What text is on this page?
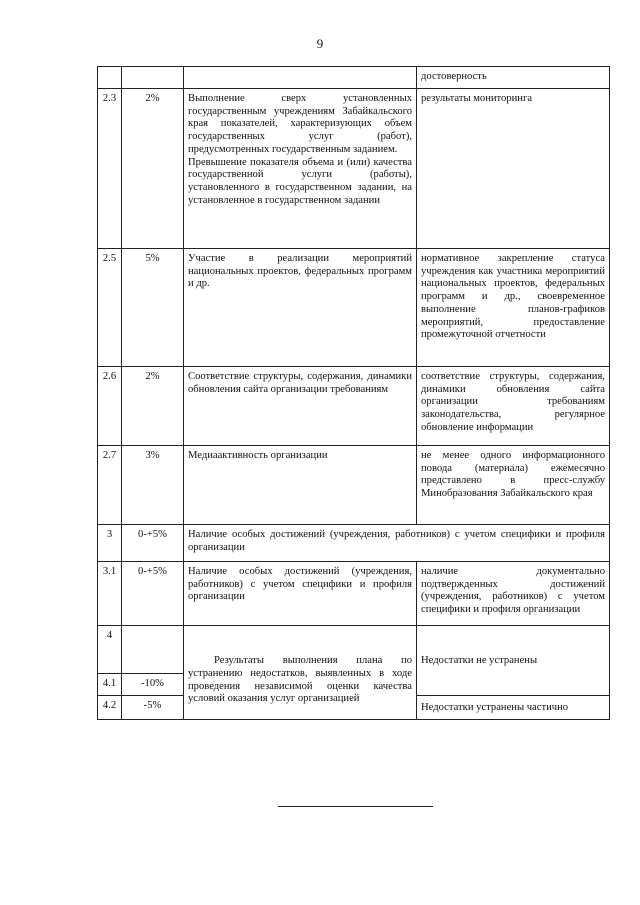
9
			достоверность
2.3	2%	Выполнение сверх установленных государственным учреждениям Забайкальского края показателей, характеризующих объем государственных услуг (работ), предусмотренных государственным заданием.

Превышение показателя объема и (или) качества государственной услуги (работы), установленного в государственном задании, на установленное в государственном задании	результаты мониторинга
2.5	5%	Участие в реализации мероприятий национальных проектов, федеральных программ и др.	нормативное закрепление статуса учреждения как участника мероприятий национальных проектов, федеральных программ и др., своевременное выполнение планов-графиков мероприятий, предоставление промежуточной отчетности
2.6	2%	Соответствие структуры, содержания, динамики обновления сайта организации требованиям	соответствие структуры, содержания, динамики обновления сайта организации требованиям законодательства, регулярное обновление информации
2.7	3%	Медиаактивность организации	не менее одного информационного повода (материала) ежемесячно представлено в пресс-службу Минобразования Забайкальского края
3	0-+5%	Наличие особых достижений (учреждения, работников) с учетом специфики и профиля организации	
3.1	0-+5%	Наличие особых достижений (учреждения, работников) с учетом специфики и профиля организации	наличие документально подтвержденных достижений (учреждения, работников) с учетом специфики и профиля организации
4		Результаты выполнения плана по устранению недостатков, выявленных в ходе проведения независимой оценки качества условий оказания услуг организацией	Недостатки не устранены
4.1	-10%		
4.2	-5%		Недостатки устранены частично
